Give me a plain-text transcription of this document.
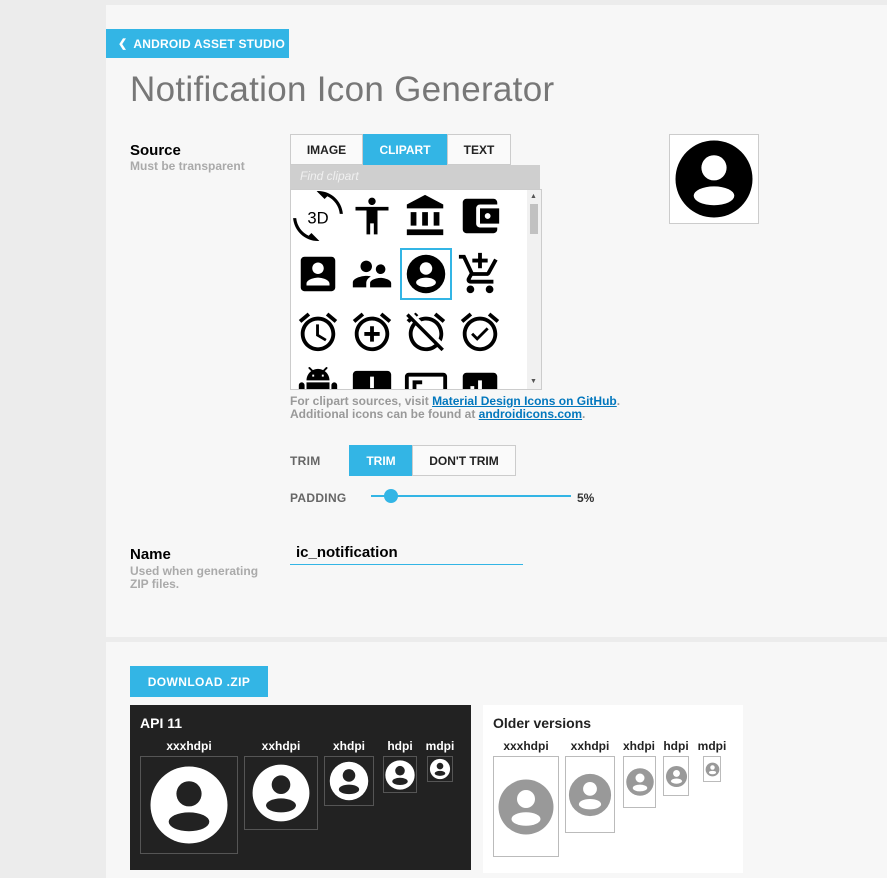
❮ ANDROID ASSET STUDIO
Notification Icon Generator
Source
Must be transparent
IMAGE	CLIPART	TEXT
Find clipart
3D
▲
▼
For clipart sources, visit Material Design Icons on GitHub.
Additional icons can be found at androidicons.com.
TRIM	TRIM	DON'T TRIM
PADDING	5%
Name
Used when generating
ZIP files.
ic_notification
DOWNLOAD .ZIP
API 11
xxxhdpi	xxhdpi	xhdpi	hdpi	mdpi
Older versions
xxxhdpi	xxhdpi	xhdpi hdpi mdpi
